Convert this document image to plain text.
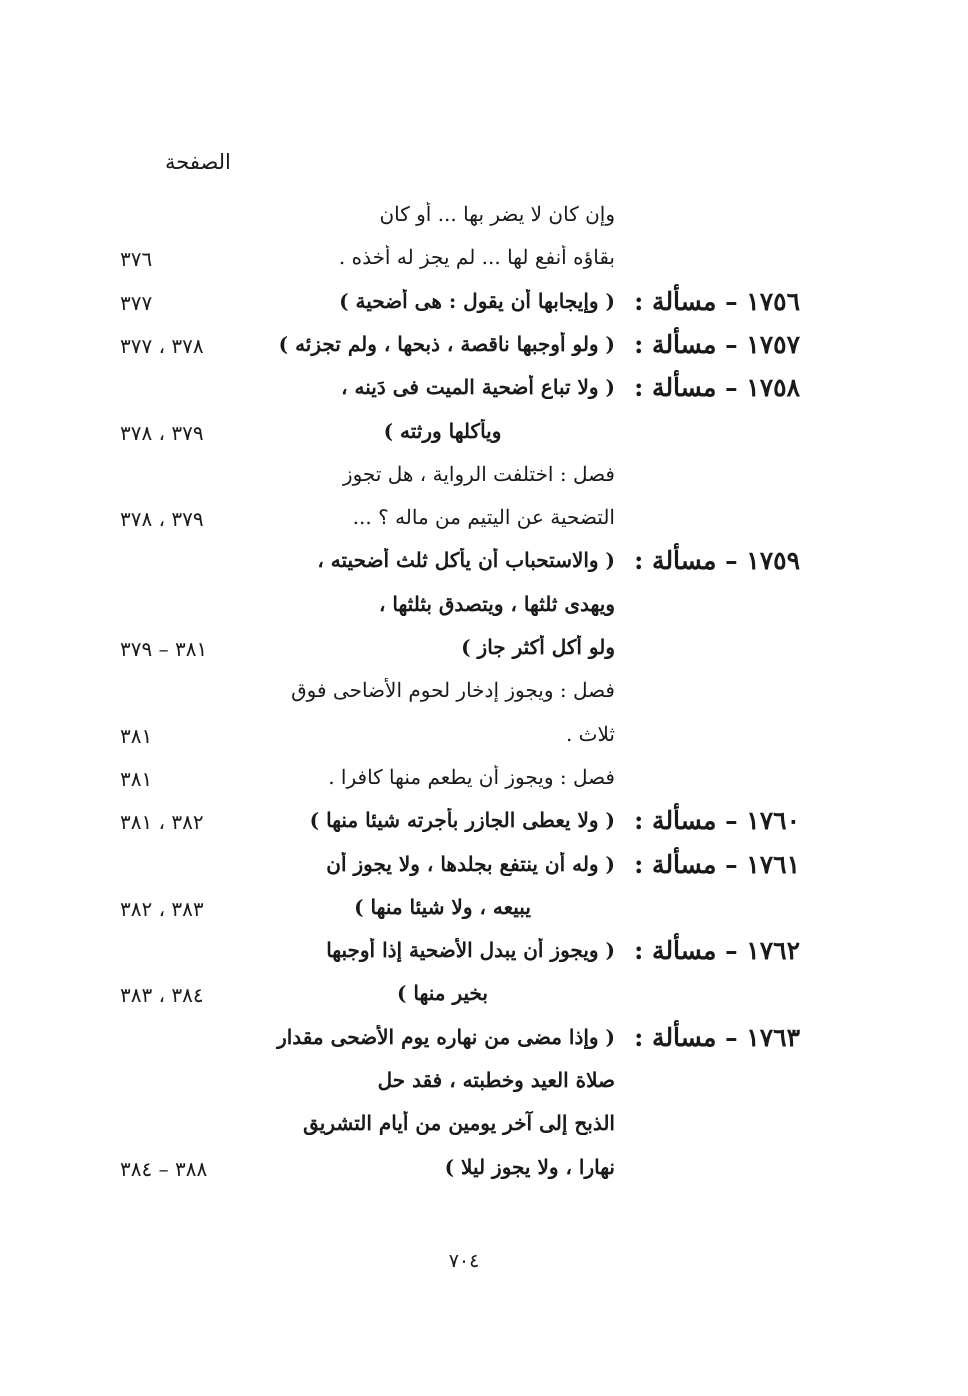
الصفحة
وإن كان لا يضر بها ... أو كان
بقاؤه أنفع لها ... لم يجز له أخذه .
٣٧٦
١٧٥٦ – مسألة :
( وإيجابها أن يقول : هى أضحية )
٣٧٧
١٧٥٧ – مسألة :
( ولو أوجبها ناقصة ، ذبحها ، ولم تجزئه )
٣٧٨ ، ٣٧٧
١٧٥٨ – مسألة :
( ولا تباع أضحية الميت فى دَينه ،
ويأكلها ورثته )
٣٧٩ ، ٣٧٨
فصل : اختلفت الرواية ، هل تجوز
التضحية عن اليتيم من ماله ؟ ...
٣٧٩ ، ٣٧٨
١٧٥٩ – مسألة :
( والاستحباب أن يأكل ثلث أضحيته ،
ويهدى ثلثها ، ويتصدق بثلثها ،
ولو أكل أكثر جاز )
٣٨١ – ٣٧٩
فصل : ويجوز إدخار لحوم الأضاحى فوق
ثلاث .
٣٨١
فصل : ويجوز أن يطعم منها كافرا .
٣٨١
١٧٦٠ – مسألة :
( ولا يعطى الجازر بأجرته شيئا منها )
٣٨٢ ، ٣٨١
١٧٦١ – مسألة :
( وله أن ينتفع بجلدها ، ولا يجوز أن
يبيعه ، ولا شيئا منها )
٣٨٣ ، ٣٨٢
١٧٦٢ – مسألة :
( ويجوز أن يبدل الأضحية إذا أوجبها
بخير منها )
٣٨٤ ، ٣٨٣
١٧٦٣ – مسألة :
( وإذا مضى من نهاره يوم الأضحى مقدار
صلاة العيد وخطبته ، فقد حل
الذبح إلى آخر يومين من أيام التشريق
نهارا ، ولا يجوز ليلا )
٣٨٨ – ٣٨٤
٧٠٤
